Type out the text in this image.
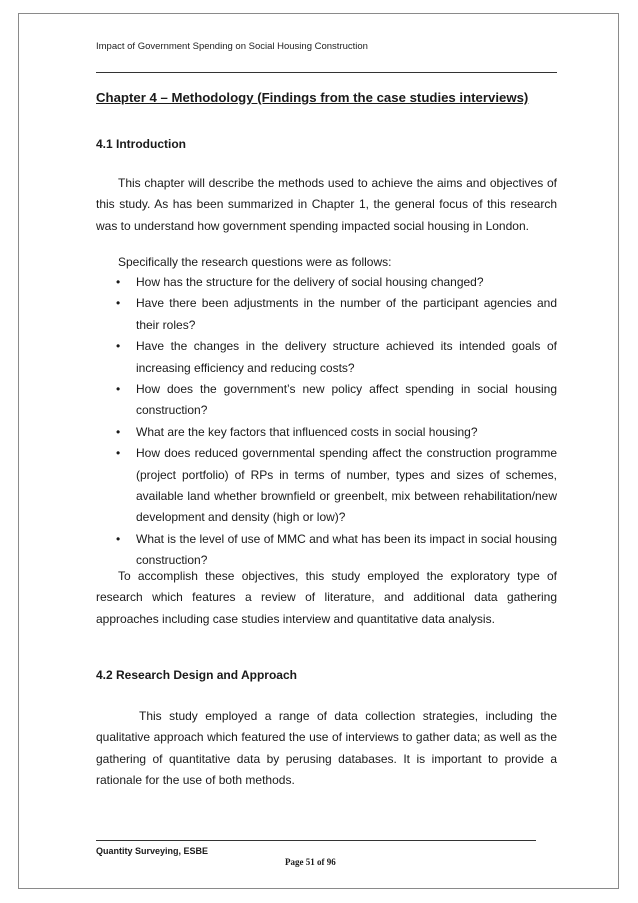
Impact of Government Spending on Social Housing Construction
Chapter 4 – Methodology (Findings from the case studies interviews)
4.1 Introduction

This chapter will describe the methods used to achieve the aims and objectives of this study. As has been summarized in Chapter 1, the general focus of this research was to understand how government spending impacted social housing in London.

Specifically the research questions were as follows:
• How has the structure for the delivery of social housing changed?
• Have there been adjustments in the number of the participant agencies and their roles?
• Have the changes in the delivery structure achieved its intended goals of increasing efficiency and reducing costs?
• How does the government’s new policy affect spending in social housing construction?
• What are the key factors that influenced costs in social housing?
• How does reduced governmental spending affect the construction programme (project portfolio) of RPs in terms of number, types and sizes of schemes, available land whether brownfield or greenbelt, mix between rehabilitation/new development and density (high or low)?
• What is the level of use of MMC and what has been its impact in social housing construction?

To accomplish these objectives, this study employed the exploratory type of research which features a review of literature, and additional data gathering approaches including case studies interview and quantitative data analysis.

4.2 Research Design and Approach

This study employed a range of data collection strategies, including the qualitative approach which featured the use of interviews to gather data; as well as the gathering of quantitative data by perusing databases. It is important to provide a rationale for the use of both methods.

Quantity Surveying, ESBE
Page 51 of 96
